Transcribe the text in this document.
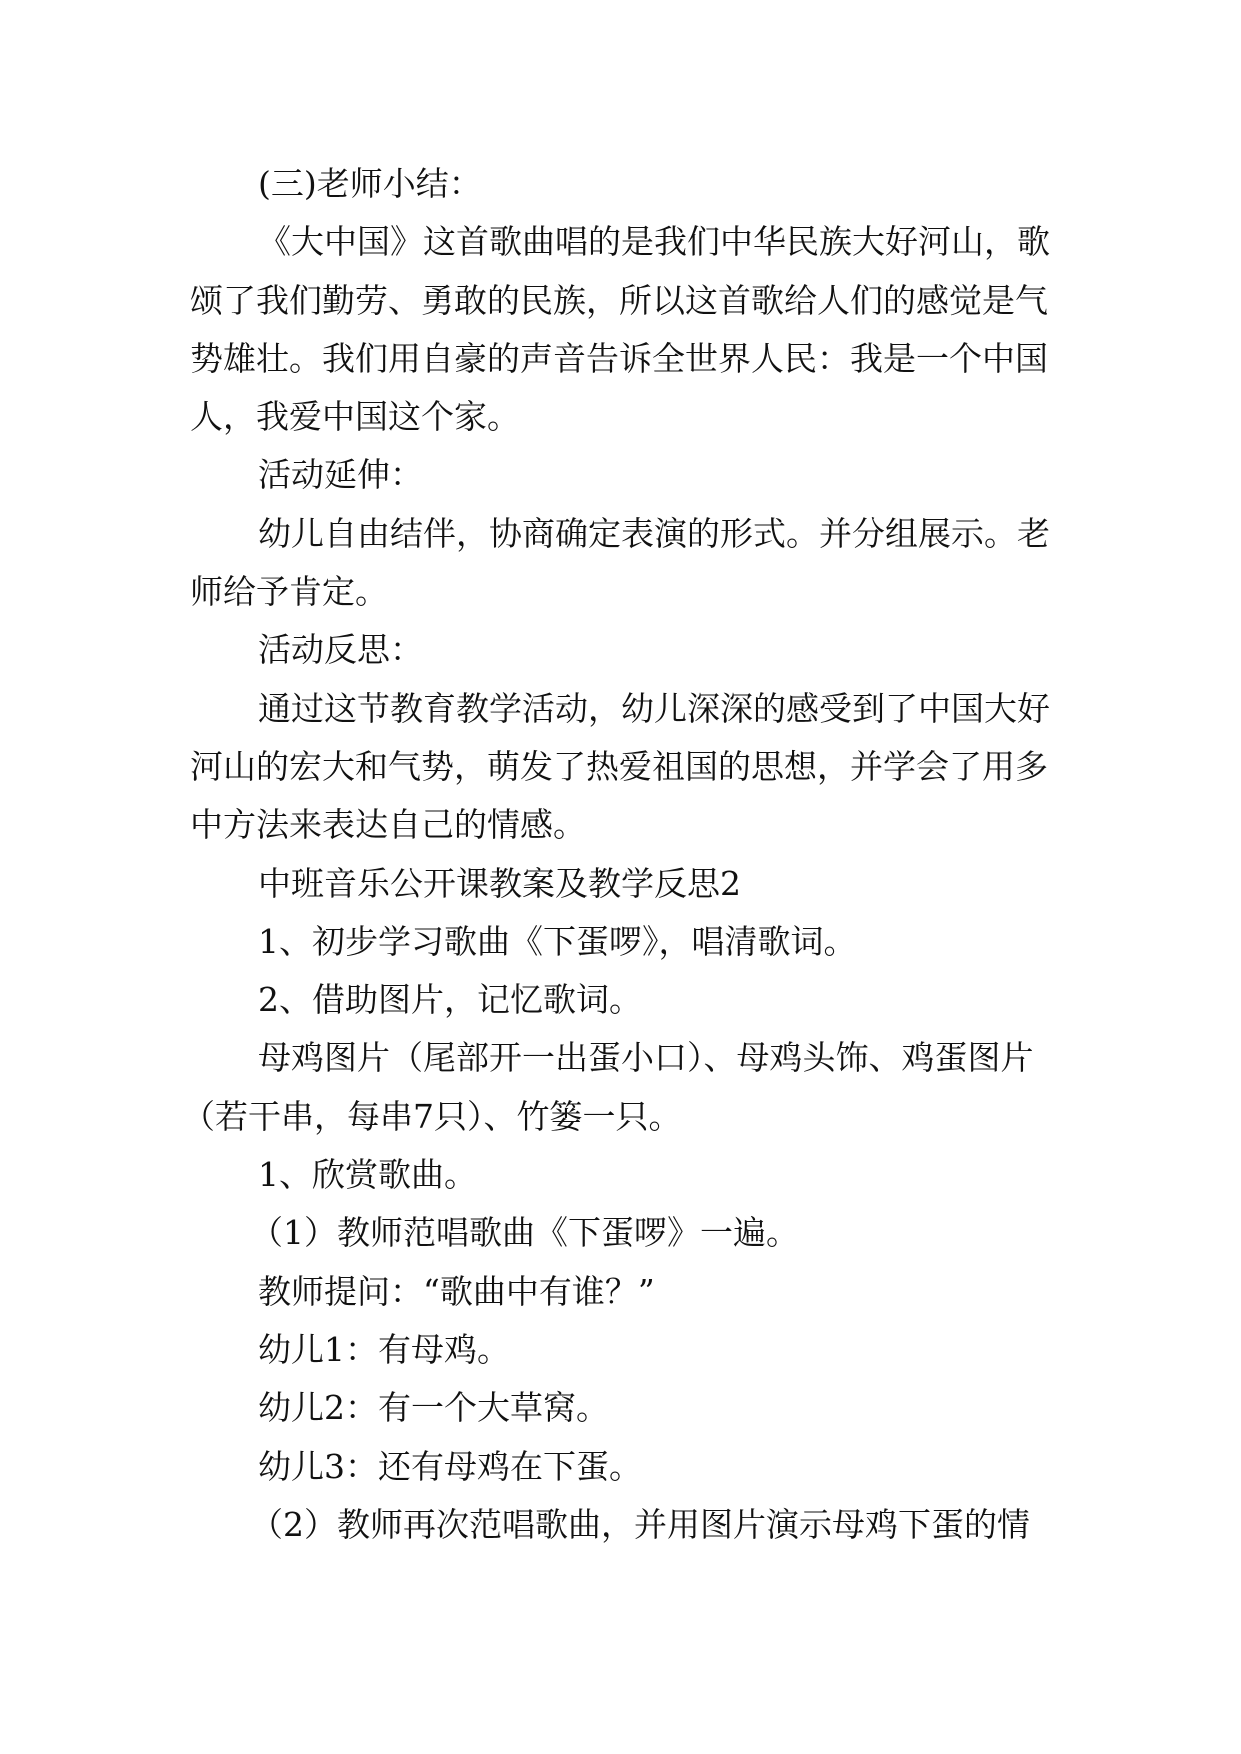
(三)老师小结：
《大中国》这首歌曲唱的是我们中华民族大好河山，歌
颂了我们勤劳、勇敢的民族，所以这首歌给人们的感觉是气
势雄壮。我们用自豪的声音告诉全世界人民：我是一个中国
人，我爱中国这个家。
活动延伸：
幼儿自由结伴，协商确定表演的形式。并分组展示。老
师给予肯定。
活动反思：
通过这节教育教学活动，幼儿深深的感受到了中国大好
河山的宏大和气势，萌发了热爱祖国的思想，并学会了用多
中方法来表达自己的情感。
中班音乐公开课教案及教学反思2
1、初步学习歌曲《下蛋啰》，唱清歌词。
2、借助图片，记忆歌词。
母鸡图片（尾部开一出蛋小口）、母鸡头饰、鸡蛋图片
（若干串，每串7只）、竹篓一只。
1、欣赏歌曲。
（1）教师范唱歌曲《下蛋啰》一遍。
教师提问：“歌曲中有谁？”
幼儿1：有母鸡。
幼儿2：有一个大草窝。
幼儿3：还有母鸡在下蛋。
（2）教师再次范唱歌曲，并用图片演示母鸡下蛋的情
